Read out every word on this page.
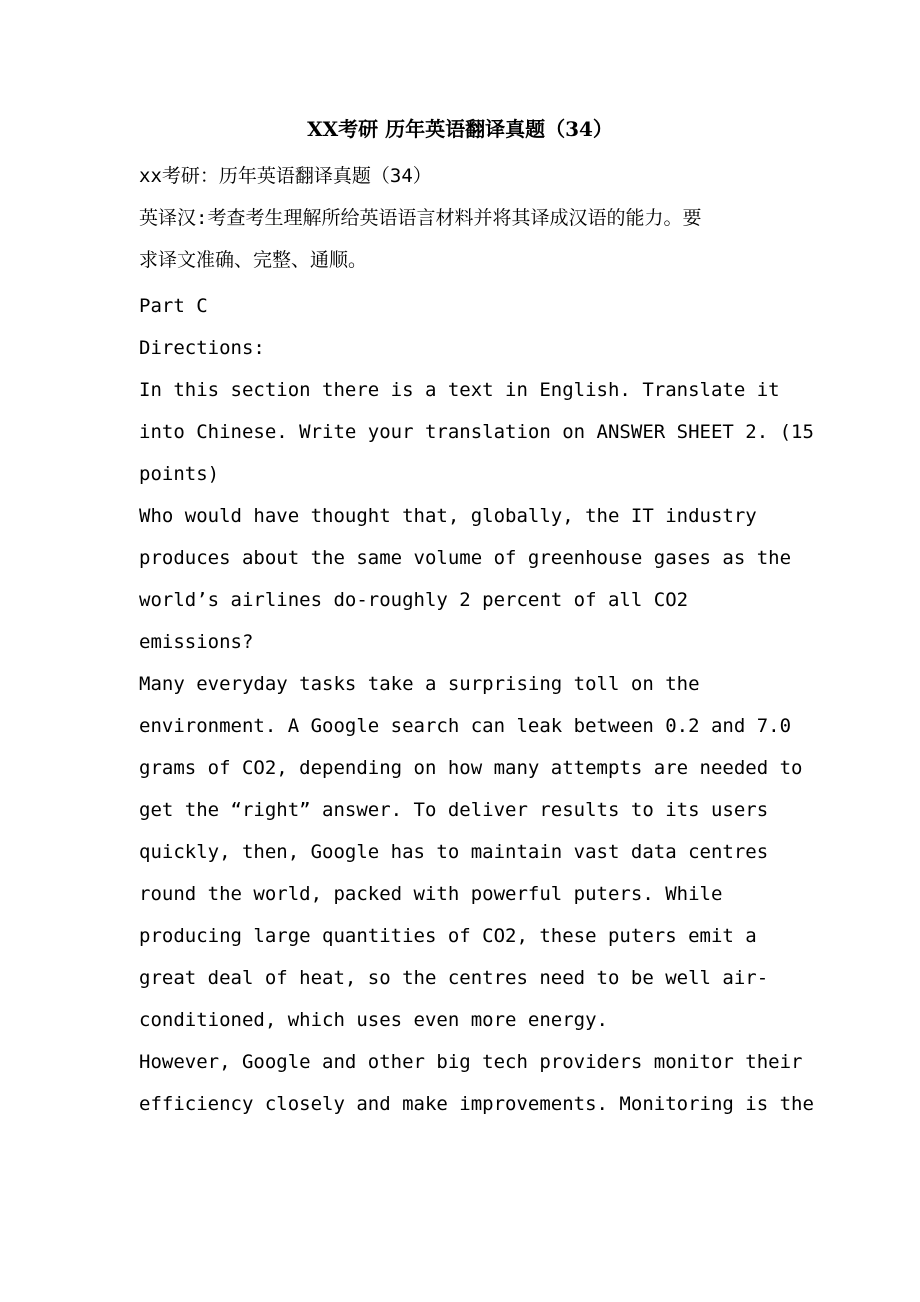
XX考研 历年英语翻译真题（34）
xx考研：历年英语翻译真题（34）
英译汉:考查考生理解所给英语语言材料并将其译成汉语的能力。要
求译文准确、完整、通顺。
Part C
Directions:
In this section there is a text in English. Translate it
into Chinese. Write your translation on ANSWER SHEET 2. (15
points)
Who would have thought that, globally, the IT industry
produces about the same volume of greenhouse gases as the
world’s airlines do-roughly 2 percent of all CO2
emissions?
Many everyday tasks take a surprising toll on the
environment. A Google search can leak between 0.2 and 7.0
grams of CO2, depending on how many attempts are needed to
get the “right” answer. To deliver results to its users
quickly, then, Google has to maintain vast data centres
round the world, packed with powerful puters. While
producing large quantities of CO2, these puters emit a
great deal of heat, so the centres need to be well air-
conditioned, which uses even more energy.
However, Google and other big tech providers monitor their
efficiency closely and make improvements. Monitoring is the
